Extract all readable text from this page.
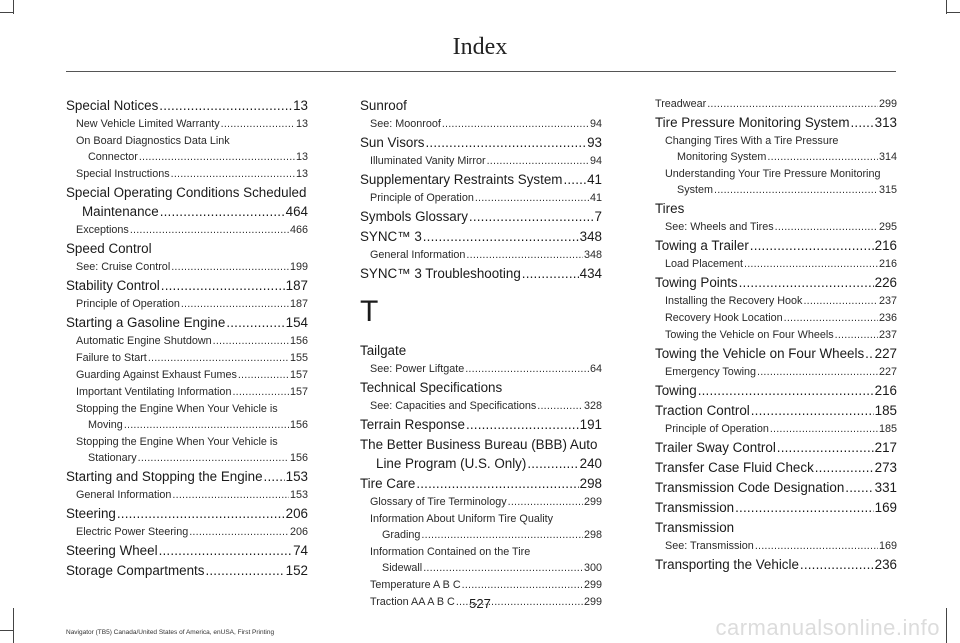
Index
Special Notices .....	13
New Vehicle Limited Warranty .....	13
On Board Diagnostics Data Link
Connector .....	13
Special Instructions .....	13
Special Operating Conditions Scheduled
Maintenance .....	464
Exceptions .....	466
Speed Control
See: Cruise Control .....	199
Stability Control .....	187
Principle of Operation .....	187
Starting a Gasoline Engine .....	154
Automatic Engine Shutdown .....	156
Failure to Start .....	155
Guarding Against Exhaust Fumes .....	157
Important Ventilating Information .....	157
Stopping the Engine When Your Vehicle is
Moving .....	156
Stopping the Engine When Your Vehicle is
Stationary .....	156
Starting and Stopping the Engine ..... 153
General Information .....	153
Steering .....	206
Electric Power Steering .....	206
Steering Wheel .....	74
Storage Compartments .....	152
Sunroof
See: Moonroof .....	94
Sun Visors .....	93
Illuminated Vanity Mirror .....	94
Supplementary Restraints System ..... 41
Principle of Operation .....	41
Symbols Glossary .....	7
SYNC™ 3 .....	348
General Information .....	348
SYNC™ 3 Troubleshooting .....	434
T
Tailgate
See: Power Liftgate .....	64
Technical Specifications
See: Capacities and Specifications .....	328
Terrain Response .....	191
The Better Business Bureau (BBB) Auto
Line Program (U.S. Only) .....	240
Tire Care .....	298
Glossary of Tire Terminology .....	299
Information About Uniform Tire Quality
Grading .....	298
Information Contained on the Tire
Sidewall .....	300
Temperature A B C .....	299
Traction AA A B C .....	299
Treadwear .....	299
Tire Pressure Monitoring System ..... 313
Changing Tires With a Tire Pressure
Monitoring System .....	314
Understanding Your Tire Pressure Monitoring
System .....	315
Tires
See: Wheels and Tires .....	295
Towing a Trailer .....	216
Load Placement .....	216
Towing Points .....	226
Installing the Recovery Hook .....	237
Recovery Hook Location .....	236
Towing the Vehicle on Four Wheels .....	237
Towing the Vehicle on Four Wheels ..... 227
Emergency Towing .....	227
Towing .....	216
Traction Control .....	185
Principle of Operation .....	185
Trailer Sway Control .....	217
Transfer Case Fluid Check .....	273
Transmission Code Designation ..... 331
Transmission .....	169
Transmission
See: Transmission .....	169
Transporting the Vehicle .....	236
527
Navigator (TB5) Canada/United States of America, enUSA, First Printing	carmanualsonline.info
